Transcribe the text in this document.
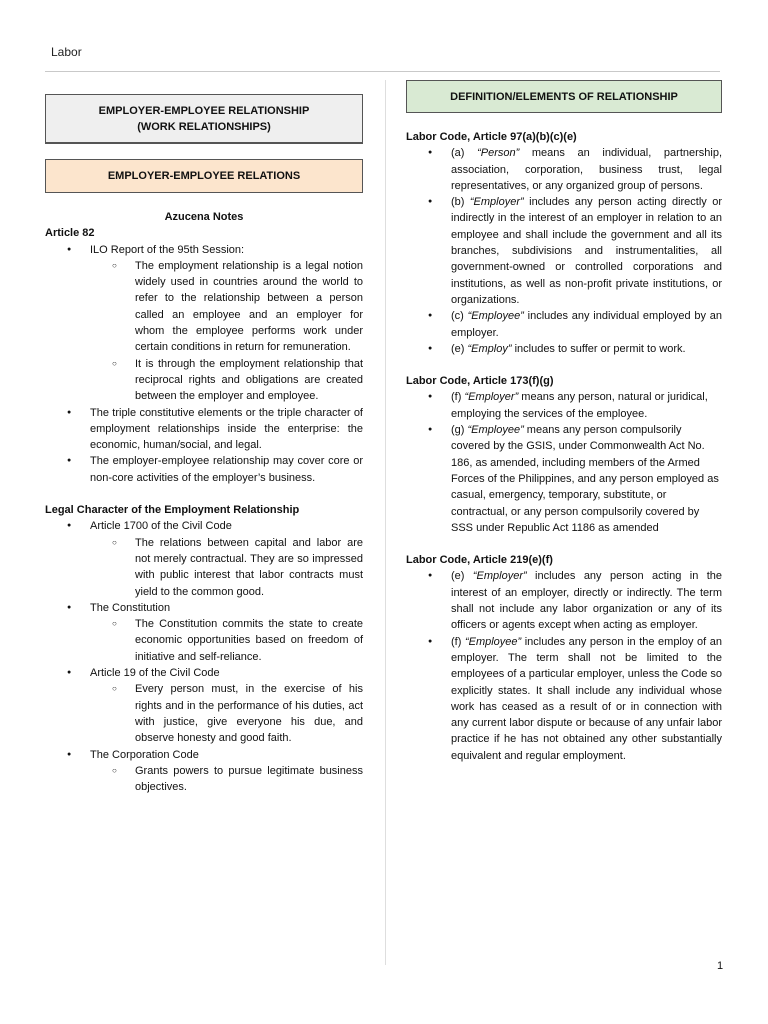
Labor
EMPLOYER-EMPLOYEE RELATIONSHIP
(WORK RELATIONSHIPS)
EMPLOYER-EMPLOYEE RELATIONS
Azucena Notes
Article 82
● ILO Report of the 95th Session:
○ The employment relationship is a legal notion widely used in countries around the world to refer to the relationship between a person called an employee and an employer for whom the employee performs work under certain conditions in return for remuneration.
○ It is through the employment relationship that reciprocal rights and obligations are created between the employer and employee.
● The triple constitutive elements or the triple character of employment relationships inside the enterprise: the economic, human/social, and legal.
● The employer-employee relationship may cover core or non-core activities of the employer’s business.
Legal Character of the Employment Relationship
● Article 1700 of the Civil Code
○ The relations between capital and labor are not merely contractual. They are so impressed with public interest that labor contracts must yield to the common good.
● The Constitution
○ The Constitution commits the state to create economic opportunities based on freedom of initiative and self-reliance.
● Article 19 of the Civil Code
○ Every person must, in the exercise of his rights and in the performance of his duties, act with justice, give everyone his due, and observe honesty and good faith.
● The Corporation Code
○ Grants powers to pursue legitimate business objectives.
DEFINITION/ELEMENTS OF RELATIONSHIP
Labor Code, Article 97(a)(b)(c)(e)
● (a) “Person” means an individual, partnership, association, corporation, business trust, legal representatives, or any organized group of persons.
● (b) “Employer” includes any person acting directly or indirectly in the interest of an employer in relation to an employee and shall include the government and all its branches, subdivisions and instrumentalities, all government-owned or controlled corporations and institutions, as well as non-profit private institutions, or organizations.
● (c) “Employee” includes any individual employed by an employer.
● (e) “Employ” includes to suffer or permit to work.
Labor Code, Article 173(f)(g)
● (f) “Employer” means any person, natural or juridical, employing the services of the employee.
● (g) “Employee” means any person compulsorily covered by the GSIS, under Commonwealth Act No. 186, as amended, including members of the Armed Forces of the Philippines, and any person employed as casual, emergency, temporary, substitute, or contractual, or any person compulsorily covered by SSS under Republic Act 1186 as amended
Labor Code, Article 219(e)(f)
● (e) “Employer” includes any person acting in the interest of an employer, directly or indirectly. The term shall not include any labor organization or any of its officers or agents except when acting as employer.
● (f) “Employee” includes any person in the employ of an employer. The term shall not be limited to the employees of a particular employer, unless the Code so explicitly states. It shall include any individual whose work has ceased as a result of or in connection with any current labor dispute or because of any unfair labor practice if he has not obtained any other substantially equivalent and regular employment.
1
